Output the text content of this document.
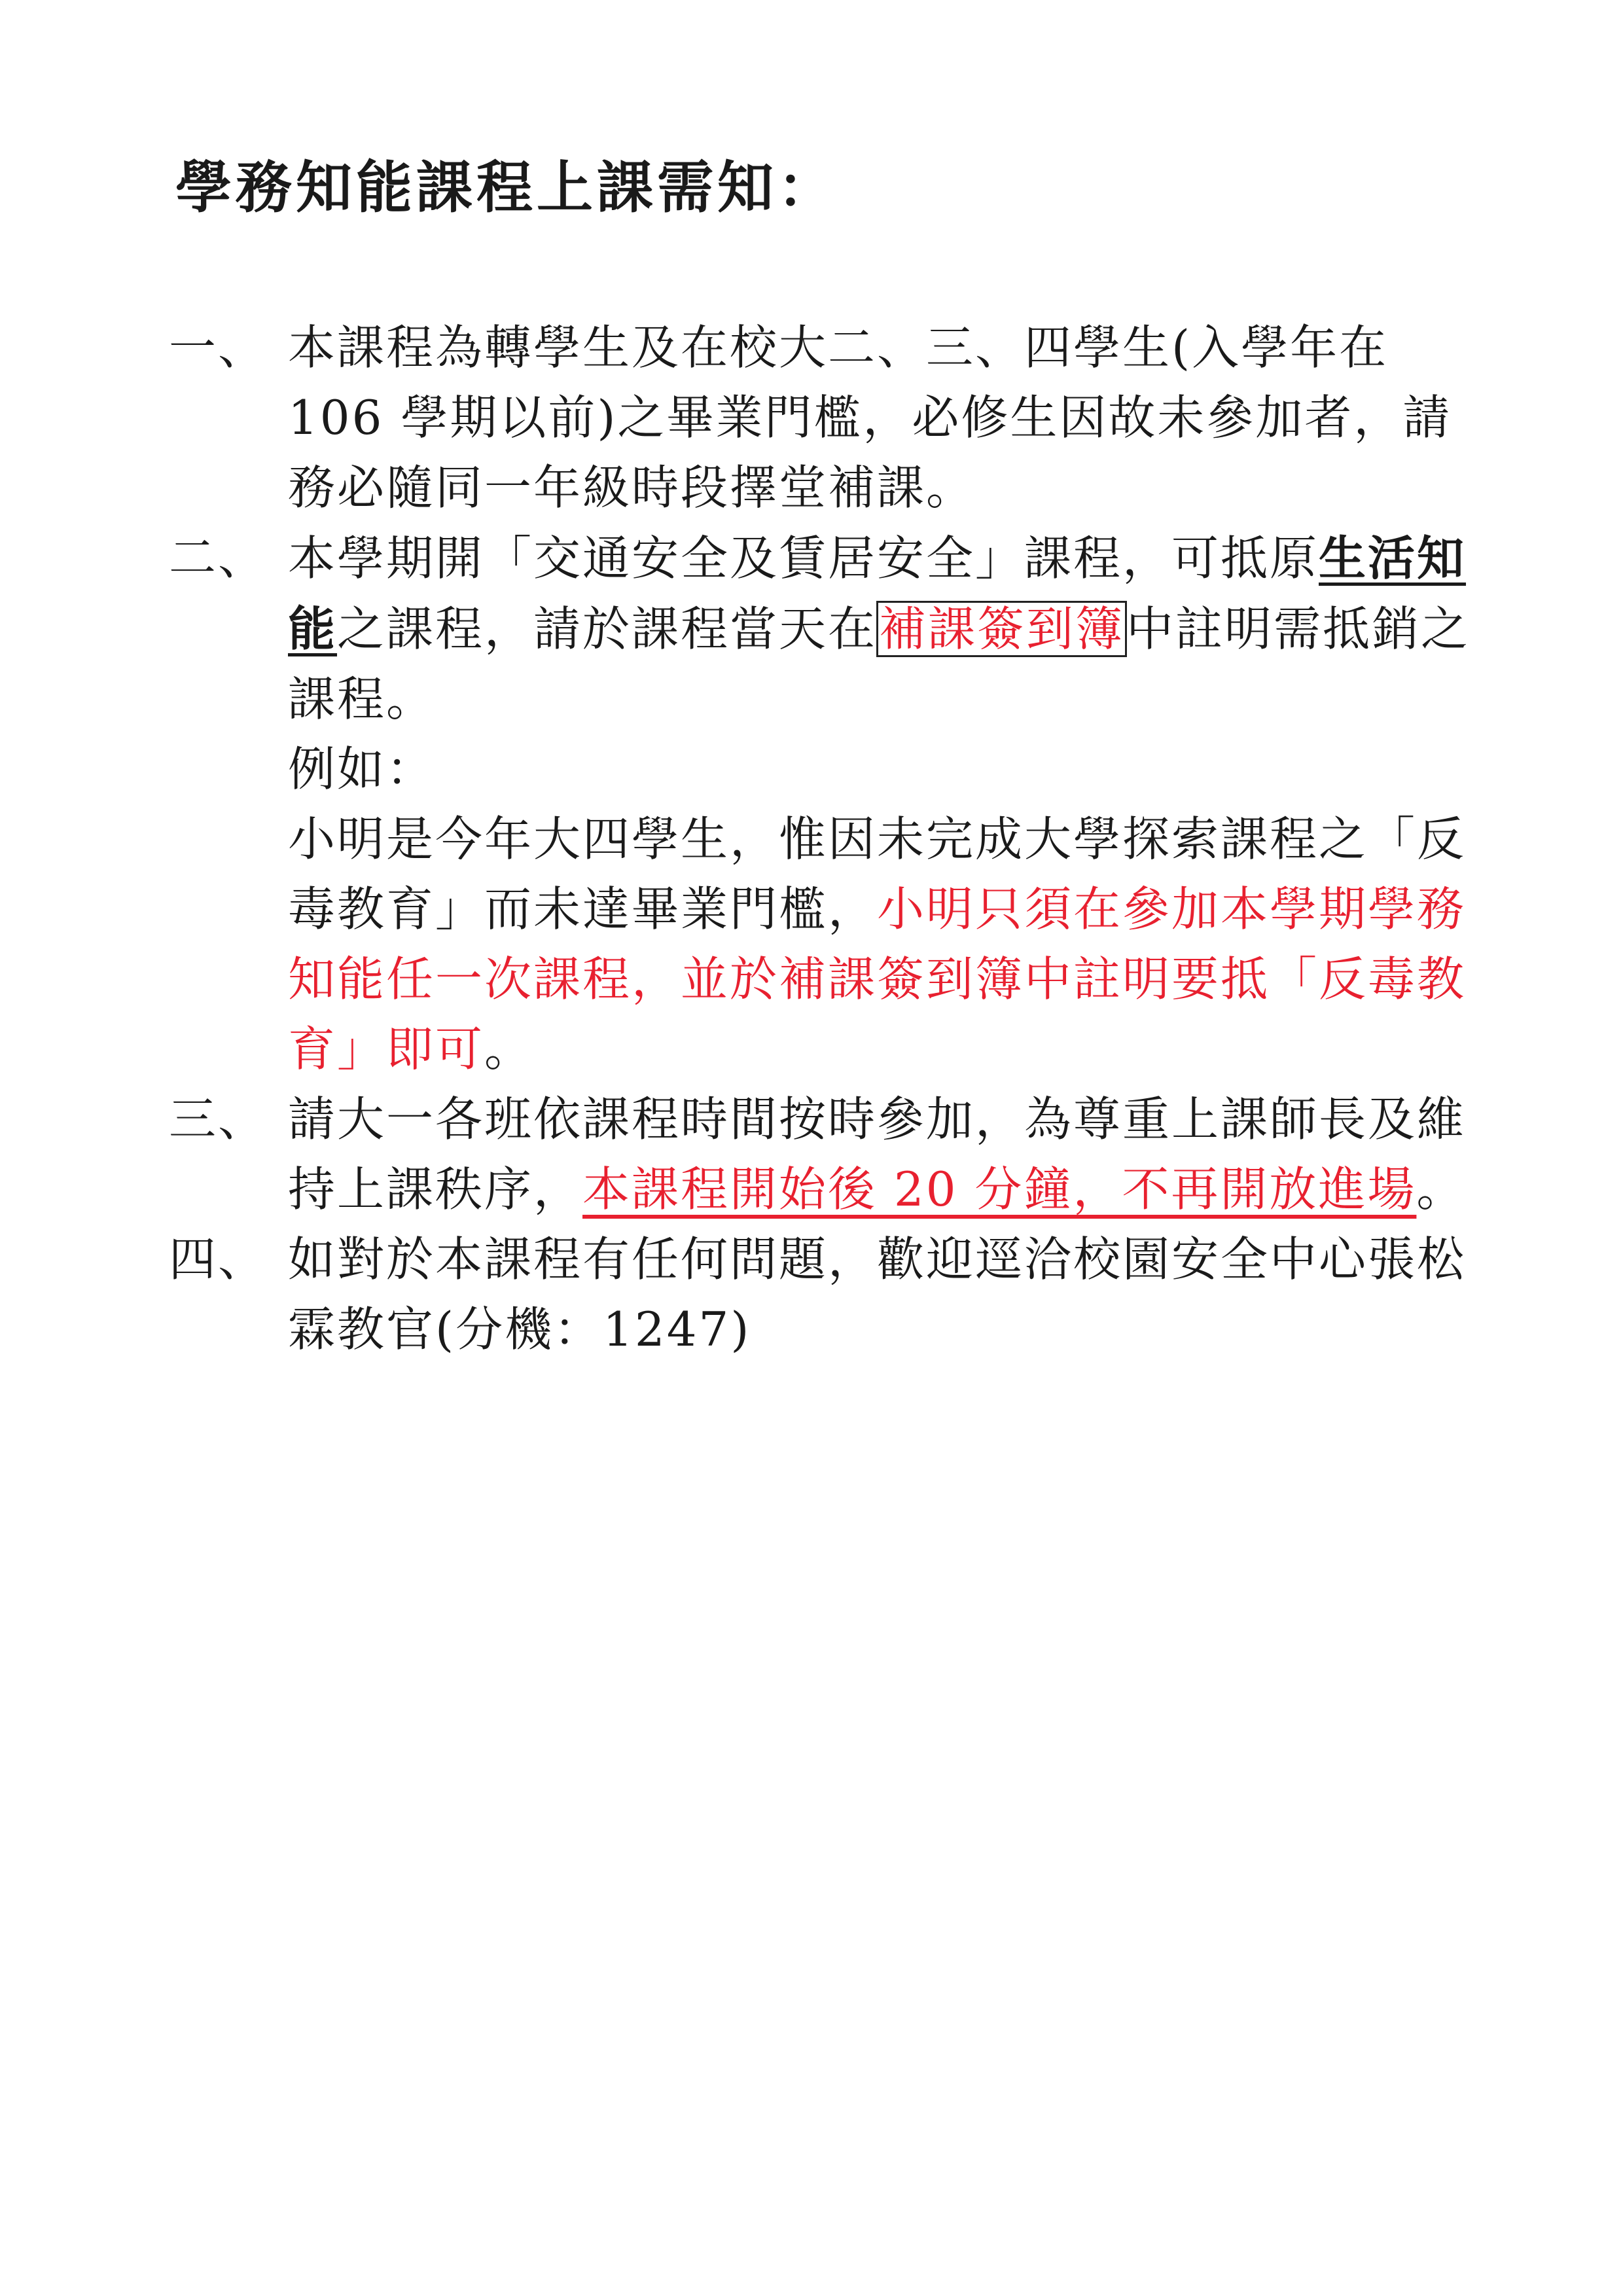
學務知能課程上課需知：
一、 本課程為轉學生及在校大二、三、四學生(入學年在 106 學期以前)之畢業門檻，必修生因故未參加者，請務必隨同一年級時段擇堂補課。
二、 本學期開「交通安全及賃居安全」課程，可抵原生活知能之課程，請於課程當天在補課簽到簿中註明需抵銷之課程。
例如：
小明是今年大四學生，惟因未完成大學探索課程之「反毒教育」而未達畢業門檻，小明只須在參加本學期學務知能任一次課程，並於補課簽到簿中註明要抵「反毒教育」即可。
三、 請大一各班依課程時間按時參加，為尊重上課師長及維持上課秩序，本課程開始後 20 分鐘，不再開放進場。
四、 如對於本課程有任何問題，歡迎逕洽校園安全中心張松霖教官(分機：1247)
